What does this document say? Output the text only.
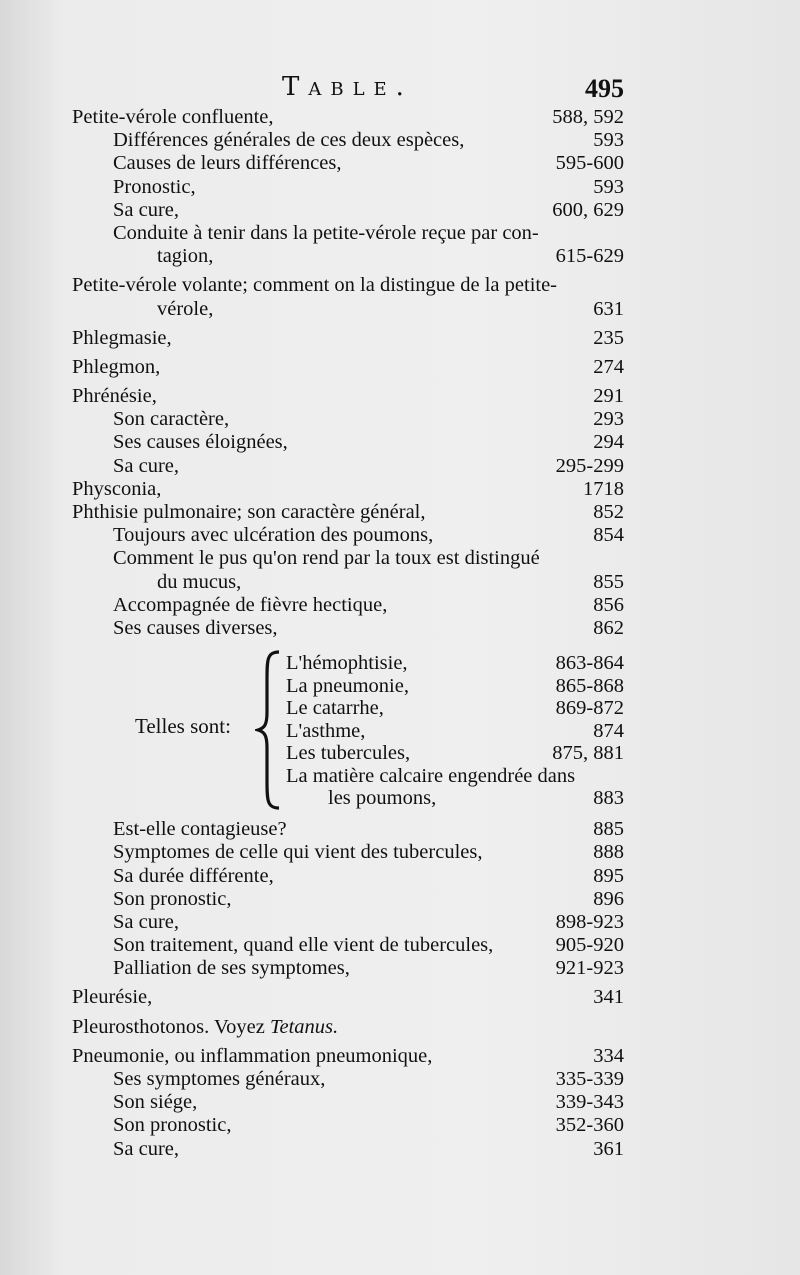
Table.	495
Petite-vérole confluente,	588, 592
Différences générales de ces deux espèces,	593
Causes de leurs différences,	595-600
Pronostic,	593
Sa cure,	600, 629
Conduite à tenir dans la petite-vérole reçue par con-
tagion,	615-629
Petite-vérole volante; comment on la distingue de la petite-
vérole,	631
Phlegmasie,	235
Phlegmon,	274
Phrénésie,	291
Son caractère,	293
Ses causes éloignées,	294
Sa cure,	295-299
Physconia,	1718
Phthisie pulmonaire; son caractère général,	852
Toujours avec ulcération des poumons,	854
Comment le pus qu'on rend par la toux est distingué
du mucus,	855
Accompagnée de fièvre hectique,	856
Ses causes diverses,	862
Telles sont:
L'hémophtisie,	863-864
La pneumonie,	865-868
Le catarrhe,	869-872
L'asthme,	874
Les tubercules,	875, 881
La matière calcaire engendrée dans
les poumons,	883
Est-elle contagieuse?	885
Symptomes de celle qui vient des tubercules,	888
Sa durée différente,	895
Son pronostic,	896
Sa cure,	898-923
Son traitement, quand elle vient de tubercules,	905-920
Palliation de ses symptomes,	921-923
Pleurésie,	341
Pleurosthotonos. Voyez Tetanus.
Pneumonie, ou inflammation pneumonique,	334
Ses symptomes généraux,	335-339
Son siége,	339-343
Son pronostic,	352-360
Sa cure,	361
